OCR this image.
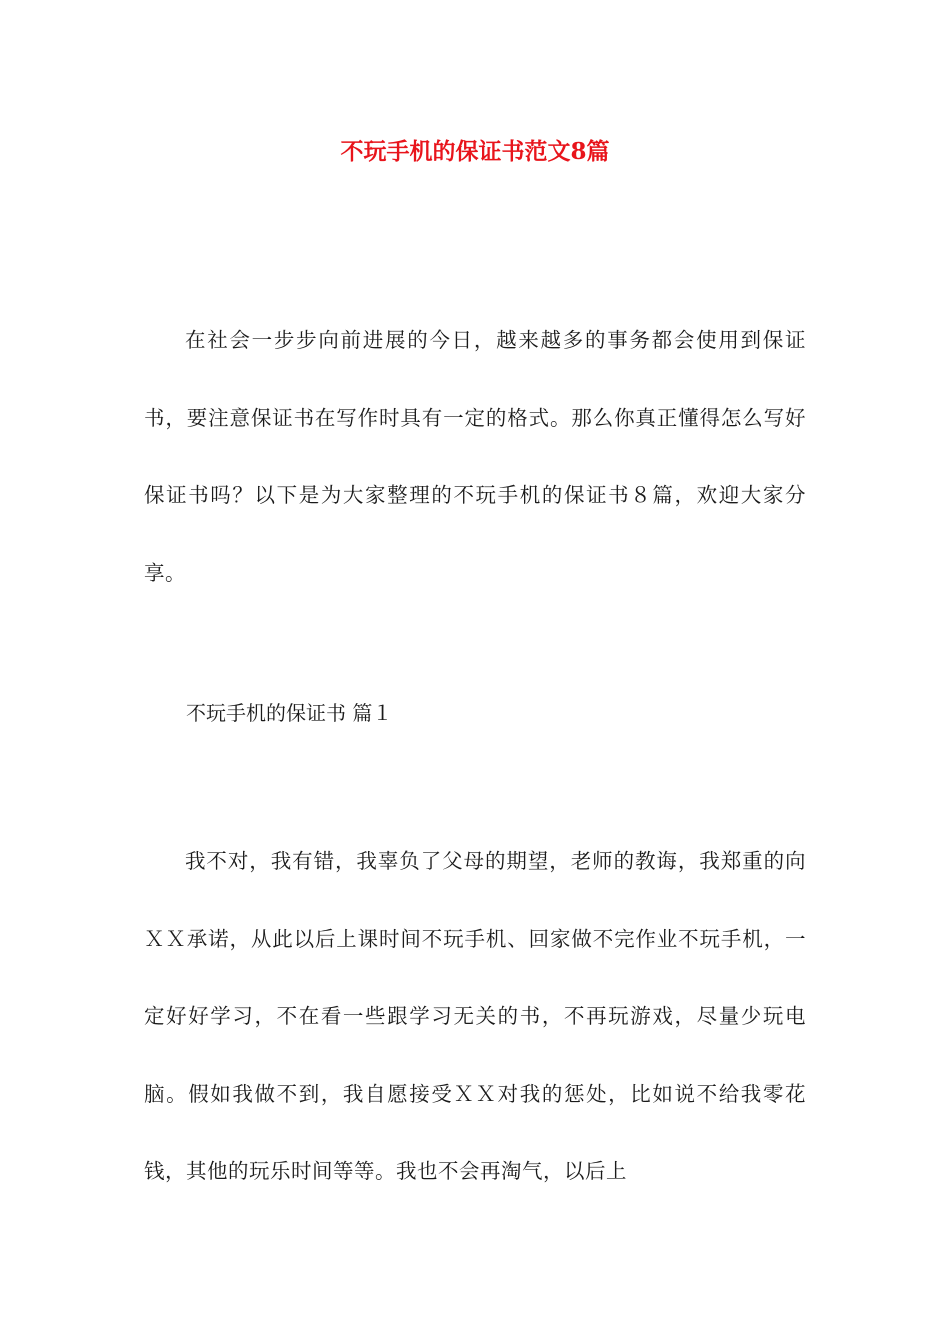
不玩手机的保证书范文8篇

在社会一步步向前进展的今日，越来越多的事务都会使用到保证书，要注意保证书在写作时具有一定的格式。那么你真正懂得怎么写好保证书吗？以下是为大家整理的不玩手机的保证书８篇，欢迎大家分享。

不玩手机的保证书 篇１

我不对，我有错，我辜负了父母的期望，老师的教诲，我郑重的向ＸＸ承诺，从此以后上课时间不玩手机、回家做不完作业不玩手机，一定好好学习，不在看一些跟学习无关的书，不再玩游戏，尽量少玩电脑。假如我做不到，我自愿接受ＸＸ对我的惩处，比如说不给我零花钱，其他的玩乐时间等等。我也不会再淘气，以后上
